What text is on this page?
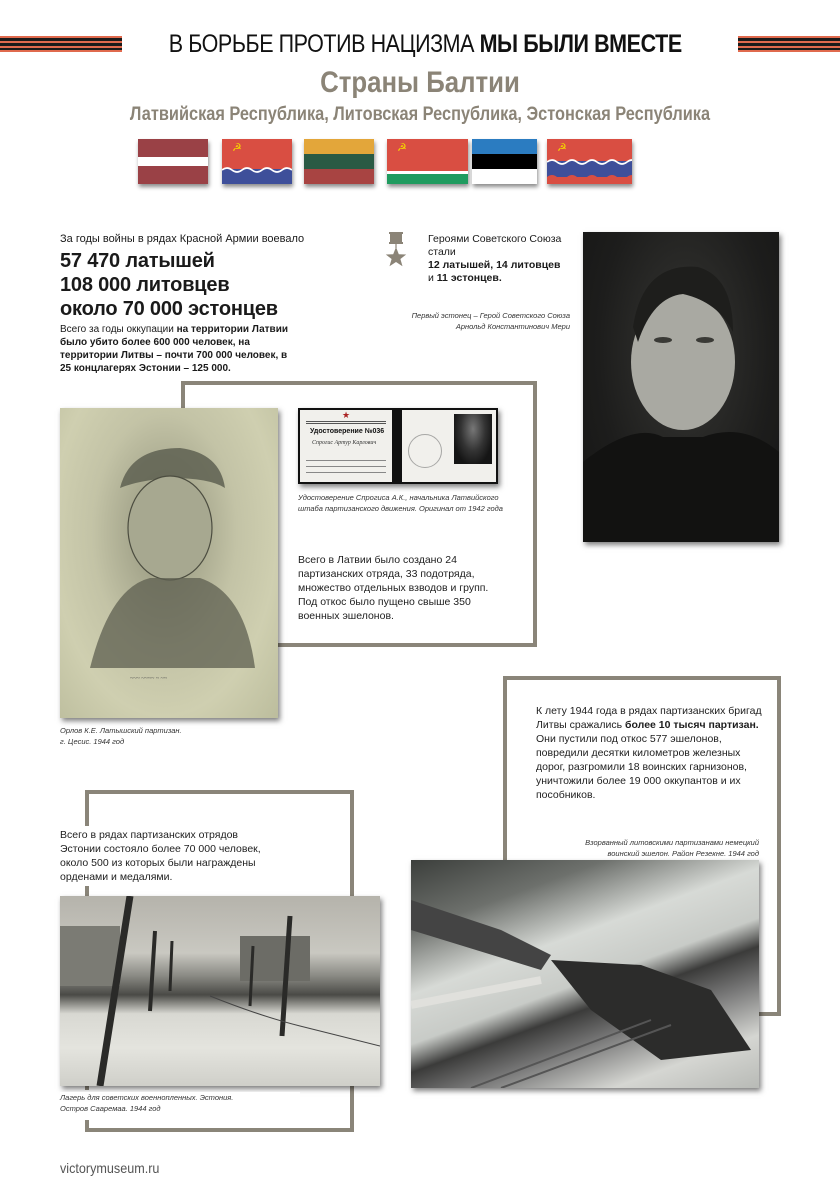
В БОРЬБЕ ПРОТИВ НАЦИЗМА МЫ БЫЛИ ВМЕСТЕ
Страны Балтии
Латвийская Республика, Литовская Республика, Эстонская Республика
☭	☭	☭
За годы войны в рядах Красной Армии воевало
57 470 латышей
108 000 литовцев
около 70 000 эстонцев
Всего за годы оккупации на территории Латвии было убито более 600 000 человек, на территории Литвы – почти 700 000 человек, в 25 концлагерях Эстонии – 125 000.
Героями Советского Союза стали
12 латышей, 14 литовцев
и 11 эстонцев.
Первый эстонец – Герой Советского Союза
Арнольд Константинович Мери
~~~ ~~~~ ~ ~~
Орлов К.Е. Латышский партизан.
г. Цесис. 1944 год
★
Удостоверение №036
Спрогис Артур Карлович
Удостоверение Спрогиса А.К., начальника Латвийского
штаба партизанского движения. Оригинал от 1942 года
Всего в Латвии было создано 24 партизанских отряда, 33 подотряда, множество отдельных взводов и групп. Под откос было пущено свыше 350 военных эшелонов.
К лету 1944 года в рядах партизанских бригад Литвы сражались более 10 тысяч партизан. Они пустили под откос 577 эшелонов, повредили десятки километров железных дорог, разгромили 18 воинских гарнизонов, уничтожили более 19 000 оккупантов и их пособников.
Взорванный литовскими партизанами немецкий
воинский эшелон. Район Резекне. 1944 год
Всего в рядах партизанских отрядов Эстонии состояло более 70 000 человек, около 500 из которых были награждены орденами и медалями.
Лагерь для советских военнопленных. Эстония.
Остров Сааремаа. 1944 год
victorymuseum.ru
